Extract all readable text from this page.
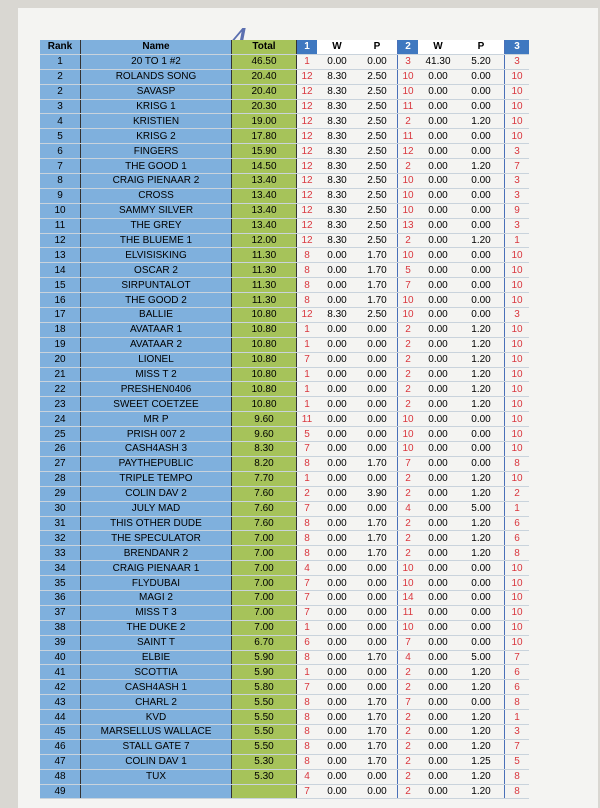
Rank	Name	Total	1	W	P	2	W	P	3
1	20 TO 1 #2	46.50	1	0.00	0.00	3	41.30	5.20	3
2	ROLANDS SONG	20.40	12	8.30	2.50	10	0.00	0.00	10
2	SAVASP	20.40	12	8.30	2.50	10	0.00	0.00	10
3	KRISG 1	20.30	12	8.30	2.50	11	0.00	0.00	10
4	KRISTIEN	19.00	12	8.30	2.50	2	0.00	1.20	10
5	KRISG 2	17.80	12	8.30	2.50	11	0.00	0.00	10
6	FINGERS	15.90	12	8.30	2.50	12	0.00	0.00	3
7	THE GOOD 1	14.50	12	8.30	2.50	2	0.00	1.20	7
8	CRAIG PIENAAR 2	13.40	12	8.30	2.50	10	0.00	0.00	3
9	CROSS	13.40	12	8.30	2.50	10	0.00	0.00	3
10	SAMMY SILVER	13.40	12	8.30	2.50	10	0.00	0.00	9
11	THE GREY	13.40	12	8.30	2.50	13	0.00	0.00	3
12	THE BLUEME 1	12.00	12	8.30	2.50	2	0.00	1.20	1
13	ELVISISKING	11.30	8	0.00	1.70	10	0.00	0.00	10
14	OSCAR 2	11.30	8	0.00	1.70	5	0.00	0.00	10
15	SIRPUNTALOT	11.30	8	0.00	1.70	7	0.00	0.00	10
16	THE GOOD 2	11.30	8	0.00	1.70	10	0.00	0.00	10
17	BALLIE	10.80	12	8.30	2.50	10	0.00	0.00	3
18	AVATAAR 1	10.80	1	0.00	0.00	2	0.00	1.20	10
19	AVATAAR 2	10.80	1	0.00	0.00	2	0.00	1.20	10
20	LIONEL	10.80	7	0.00	0.00	2	0.00	1.20	10
21	MISS T 2	10.80	1	0.00	0.00	2	0.00	1.20	10
22	PRESHEN0406	10.80	1	0.00	0.00	2	0.00	1.20	10
23	SWEET COETZEE	10.80	1	0.00	0.00	2	0.00	1.20	10
24	MR P	9.60	11	0.00	0.00	10	0.00	0.00	10
25	PRISH 007 2	9.60	5	0.00	0.00	10	0.00	0.00	10
26	CASH4ASH 3	8.30	7	0.00	0.00	10	0.00	0.00	10
27	PAYTHEPUBLIC	8.20	8	0.00	1.70	7	0.00	0.00	8
28	TRIPLE TEMPO	7.70	1	0.00	0.00	2	0.00	1.20	10
29	COLIN DAV 2	7.60	2	0.00	3.90	2	0.00	1.20	2
30	JULY MAD	7.60	7	0.00	0.00	4	0.00	5.00	1
31	THIS OTHER DUDE	7.60	8	0.00	1.70	2	0.00	1.20	6
32	THE SPECULATOR	7.00	8	0.00	1.70	2	0.00	1.20	6
33	BRENDANR 2	7.00	8	0.00	1.70	2	0.00	1.20	8
34	CRAIG PIENAAR 1	7.00	4	0.00	0.00	10	0.00	0.00	10
35	FLYDUBAI	7.00	7	0.00	0.00	10	0.00	0.00	10
36	MAGI 2	7.00	7	0.00	0.00	14	0.00	0.00	10
37	MISS T 3	7.00	7	0.00	0.00	11	0.00	0.00	10
38	THE DUKE 2	7.00	1	0.00	0.00	10	0.00	0.00	10
39	SAINT T	6.70	6	0.00	0.00	7	0.00	0.00	10
40	ELBIE	5.90	8	0.00	1.70	4	0.00	5.00	7
41	SCOTTIA	5.90	1	0.00	0.00	2	0.00	1.20	6
42	CASH4ASH 1	5.80	7	0.00	0.00	2	0.00	1.20	6
43	CHARL 2	5.50	8	0.00	1.70	7	0.00	0.00	8
44	KVD	5.50	8	0.00	1.70	2	0.00	1.20	1
45	MARSELLUS WALLACE	5.50	8	0.00	1.70	2	0.00	1.20	3
46	STALL GATE 7	5.50	8	0.00	1.70	2	0.00	1.20	7
47	COLIN DAV 1	5.30	8	0.00	1.70	2	0.00	1.25	5
48	TUX	5.30	4	0.00	0.00	2	0.00	1.20	8
49			7	0.00	0.00	2	0.00	1.20	8
